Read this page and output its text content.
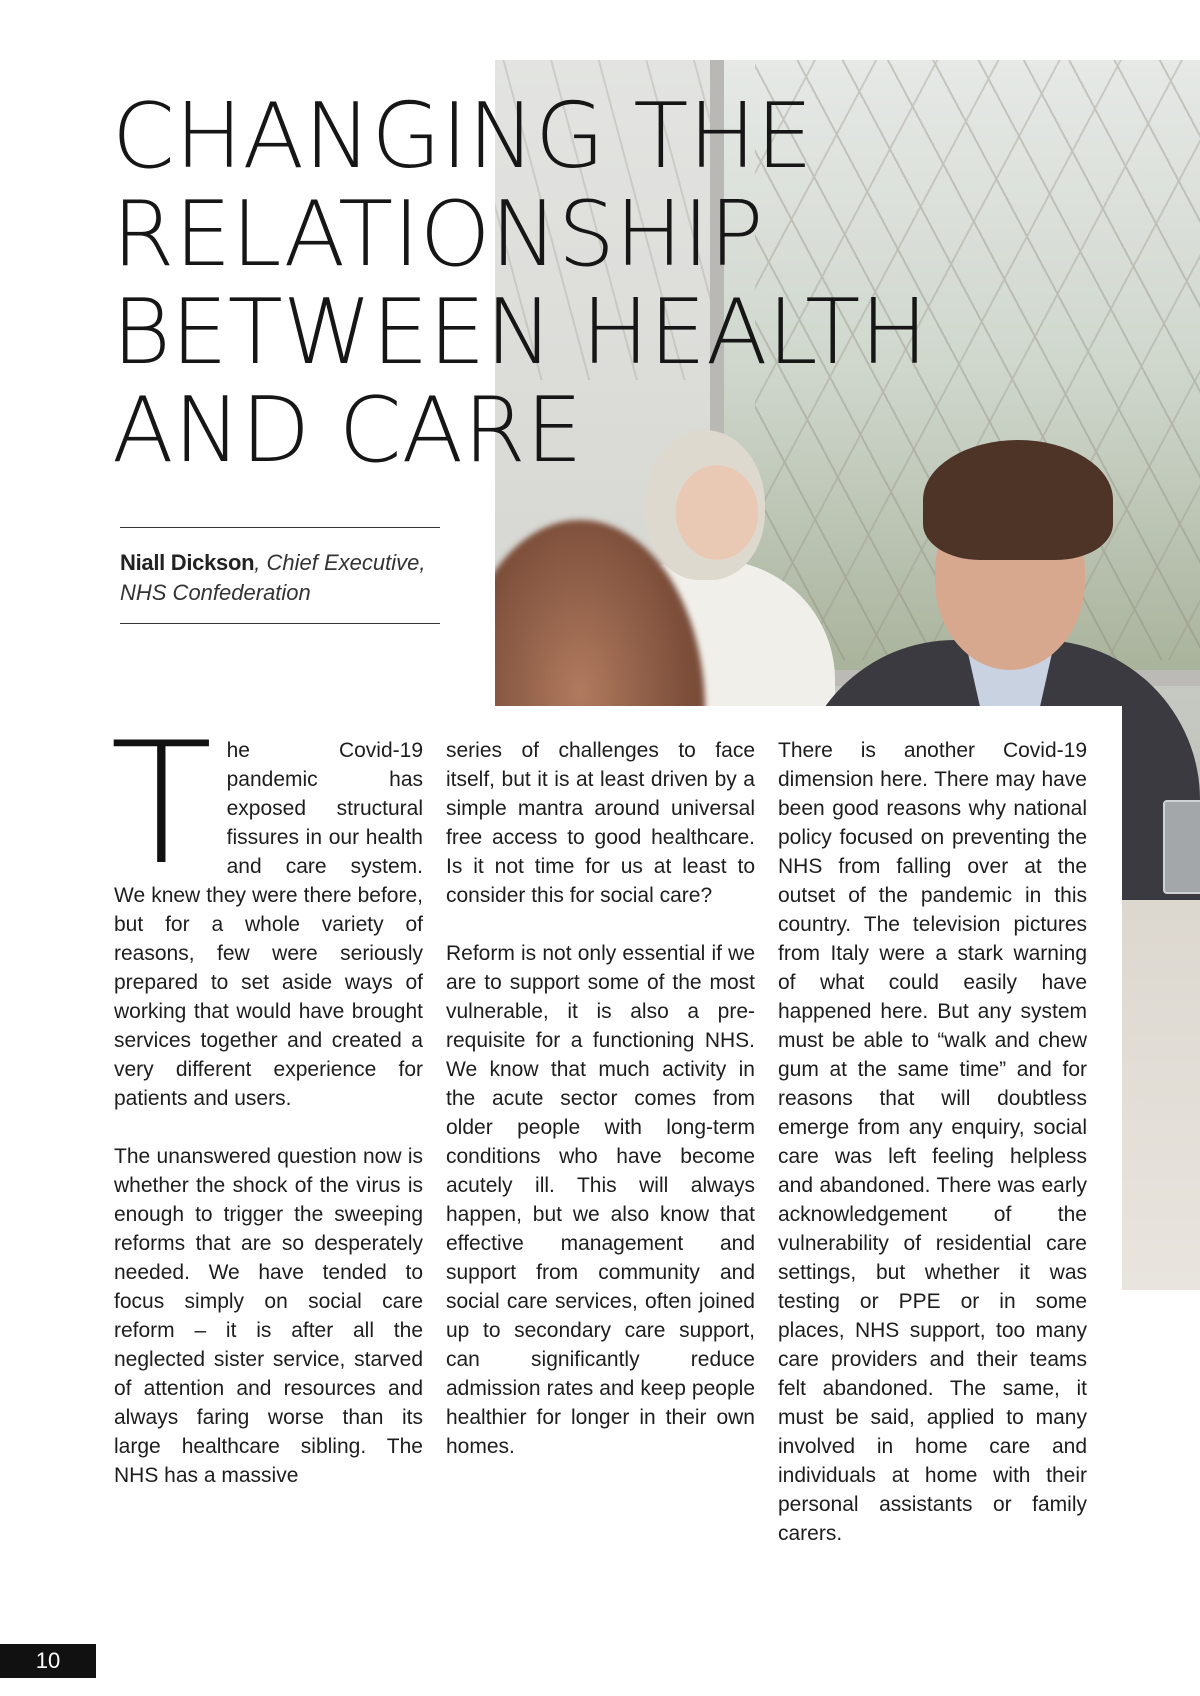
CHANGING THE
RELATIONSHIP
BETWEEN HEALTH
AND CARE
Niall Dickson, Chief Executive,
NHS Confederation

The Covid-19 pandemic has exposed structural fissures in our health and care system. We knew they were there before, but for a whole variety of reasons, few were seriously prepared to set aside ways of working that would have brought services together and created a very different experience for patients and users.

The unanswered question now is whether the shock of the virus is enough to trigger the sweeping reforms that are so desperately needed. We have tended to focus simply on social care reform – it is after all the neglected sister service, starved of attention and resources and always faring worse than its large healthcare sibling. The NHS has a massive

series of challenges to face itself, but it is at least driven by a simple mantra around universal free access to good healthcare. Is it not time for us at least to consider this for social care?

Reform is not only essential if we are to support some of the most vulnerable, it is also a pre-requisite for a functioning NHS. We know that much activity in the acute sector comes from older people with long-term conditions who have become acutely ill. This will always happen, but we also know that effective management and support from community and social care services, often joined up to secondary care support, can significantly reduce admission rates and keep people healthier for longer in their own homes.

There is another Covid-19 dimension here. There may have been good reasons why national policy focused on preventing the NHS from falling over at the outset of the pandemic in this country. The television pictures from Italy were a stark warning of what could easily have happened here. But any system must be able to “walk and chew gum at the same time” and for reasons that will doubtless emerge from any enquiry, social care was left feeling helpless and abandoned. There was early acknowledgement of the vulnerability of residential care settings, but whether it was testing or PPE or in some places, NHS support, too many care providers and their teams felt abandoned. The same, it must be said, applied to many involved in home care and individuals at home with their personal assistants or family carers.

10
